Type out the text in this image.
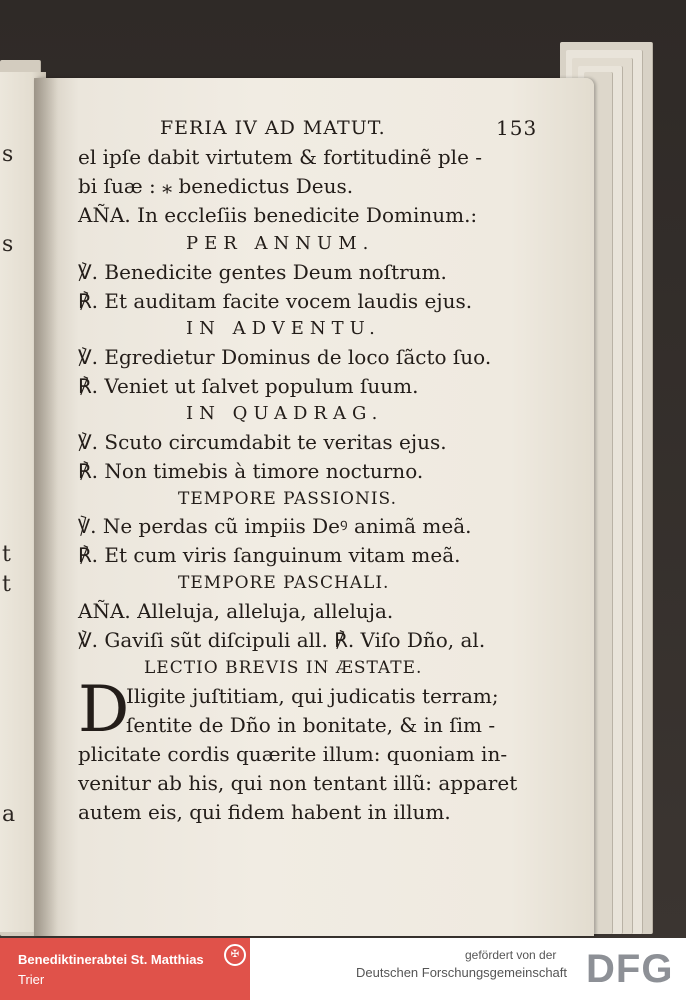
s
s
t
t
a
FERIA IV AD MATUT.	153
el ipſe dabit virtutem & fortitudinẽ ple -
bi ſuæ : ⁎ benedictus Deus.
AÑA. In eccleſiis benedicite Dominum.:
PER ANNUM.
℣. Benedicite gentes Deum noſtrum.
℟. Et auditam facite vocem laudis ejus.
IN ADVENTU.
℣. Egredietur Dominus de loco ſãcto ſuo.
℟. Veniet ut ſalvet populum ſuum.
IN QUADRAG.
℣. Scuto circumdabit te veritas ejus.
℟. Non timebis à timore nocturno.
TEMPORE PASSIONIS.
℣. Ne perdas cũ impiis Deꝰ animã meã.
℟. Et cum viris ſanguinum vitam meã.
TEMPORE PASCHALI.
AÑA. Alleluja, alleluja, alleluja.
℣. Gaviſi sũt diſcipuli all. ℟. Viſo Dño, al.
LECTIO BREVIS IN ÆSTATE.
D
Iligite juſtitiam, qui judicatis terram;
ſentite de Dño in bonitate, & in ſim -
plicitate cordis quærite illum: quoniam in-
venitur ab his, qui non tentant illũ: apparet
autem eis, qui fidem habent in illum.
Benediktinerabtei St. Matthias
Trier
✠	gefördert von der
Deutschen Forschungsgemeinschaft DFG
